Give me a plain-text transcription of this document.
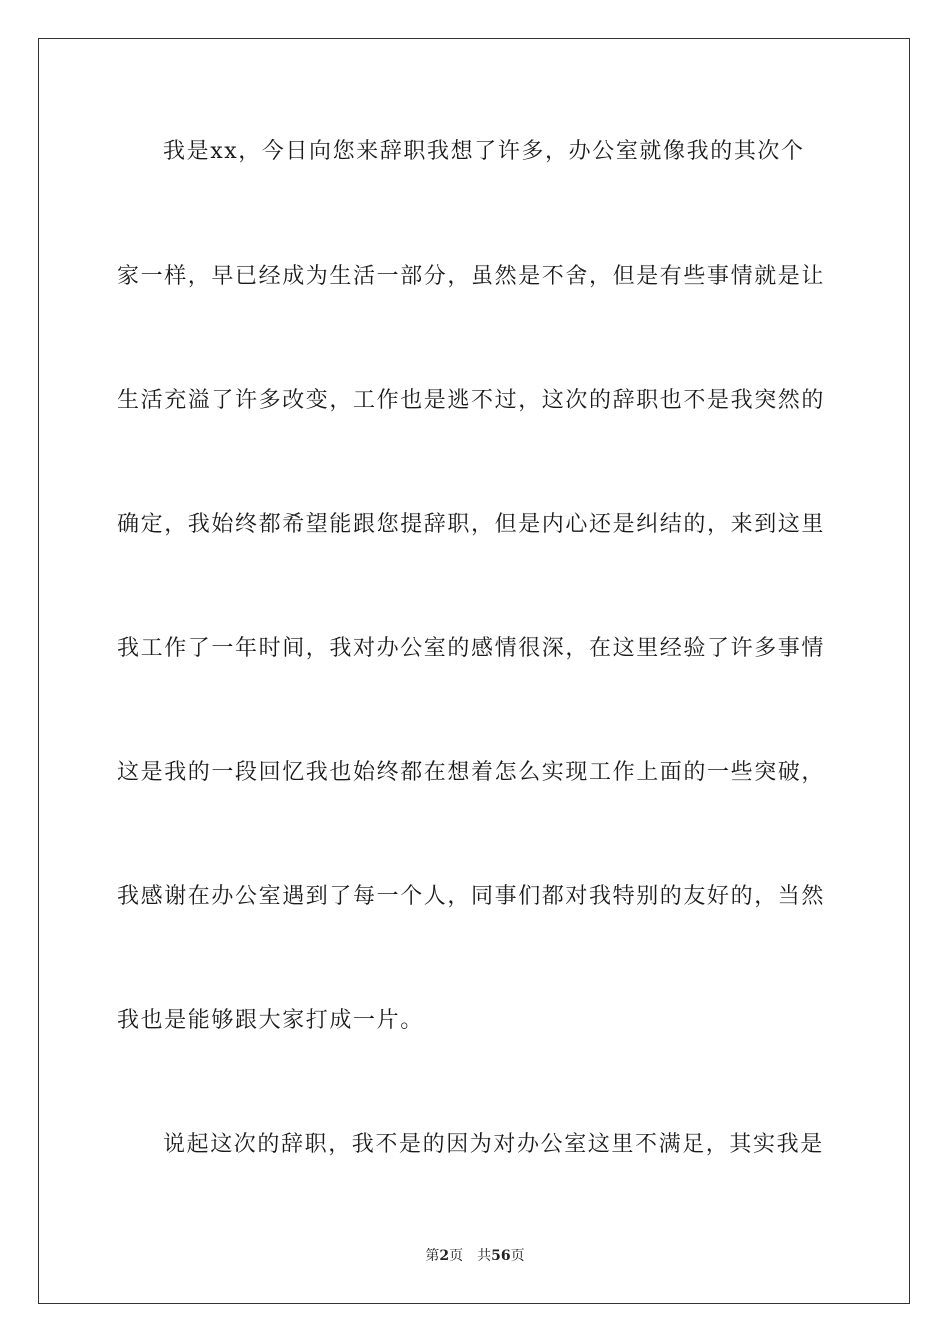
我是xx，今日向您来辞职我想了许多，办公室就像我的其次个
家一样，早已经成为生活一部分，虽然是不舍，但是有些事情就是让
生活充溢了许多改变，工作也是逃不过，这次的辞职也不是我突然的
确定，我始终都希望能跟您提辞职，但是内心还是纠结的，来到这里
我工作了一年时间，我对办公室的感情很深，在这里经验了许多事情
这是我的一段回忆我也始终都在想着怎么实现工作上面的一些突破，
我感谢在办公室遇到了每一个人，同事们都对我特别的友好的，当然
我也是能够跟大家打成一片。
说起这次的辞职，我不是的因为对办公室这里不满足，其实我是
第2页 共56页
